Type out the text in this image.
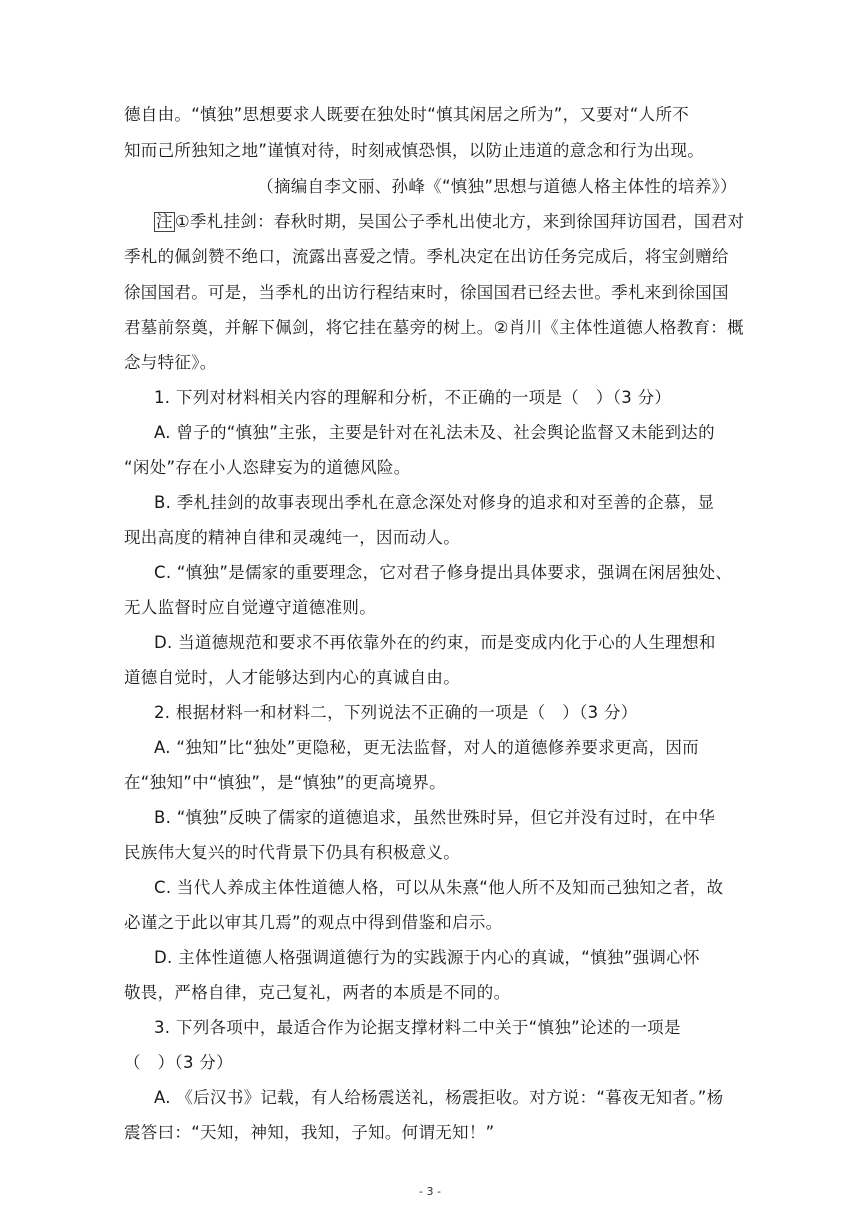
德自由。“慎独”思想要求人既要在独处时“慎其闲居之所为”，又要对“人所不
知而己所独知之地”谨慎对待，时刻戒慎恐惧，以防止违道的意念和行为出现。
（摘编自李文丽、孙峰《“慎独”思想与道德人格主体性的培养》）
注 ①季札挂剑：春秋时期，吴国公子季札出使北方，来到徐国拜访国君，国君对
季札的佩剑赞不绝口，流露出喜爱之情。季札决定在出访任务完成后，将宝剑赠给
徐国国君。可是，当季札的出访行程结束时，徐国国君已经去世。季札来到徐国国
君墓前祭奠，并解下佩剑，将它挂在墓旁的树上。②肖川《主体性道德人格教育：概
念与特征》。
1. 下列对材料相关内容的理解和分析，不正确的一项是（　）（3 分）
A. 曾子的“慎独”主张，主要是针对在礼法未及、社会舆论监督又未能到达的
“闲处”存在小人恣肆妄为的道德风险。
B. 季札挂剑的故事表现出季札在意念深处对修身的追求和对至善的企慕，显
现出高度的精神自律和灵魂纯一，因而动人。
C. “慎独”是儒家的重要理念，它对君子修身提出具体要求，强调在闲居独处、
无人监督时应自觉遵守道德准则。
D. 当道德规范和要求不再依靠外在的约束，而是变成内化于心的人生理想和
道德自觉时，人才能够达到内心的真诚自由。
2. 根据材料一和材料二，下列说法不正确的一项是（　）（3 分）
A. “独知”比“独处”更隐秘，更无法监督，对人的道德修养要求更高，因而
在“独知”中“慎独”，是“慎独”的更高境界。
B. “慎独”反映了儒家的道德追求，虽然世殊时异，但它并没有过时，在中华
民族伟大复兴的时代背景下仍具有积极意义。
C. 当代人养成主体性道德人格，可以从朱熹“他人所不及知而己独知之者，故
必谨之于此以审其几焉”的观点中得到借鉴和启示。
D. 主体性道德人格强调道德行为的实践源于内心的真诚，“慎独”强调心怀
敬畏，严格自律，克己复礼，两者的本质是不同的。
3. 下列各项中，最适合作为论据支撑材料二中关于“慎独”论述的一项是
（　）（3 分）
A. 《后汉书》记载，有人给杨震送礼，杨震拒收。对方说：“暮夜无知者。”杨
震答曰：“天知，神知，我知，子知。何谓无知！”
- 3 -
